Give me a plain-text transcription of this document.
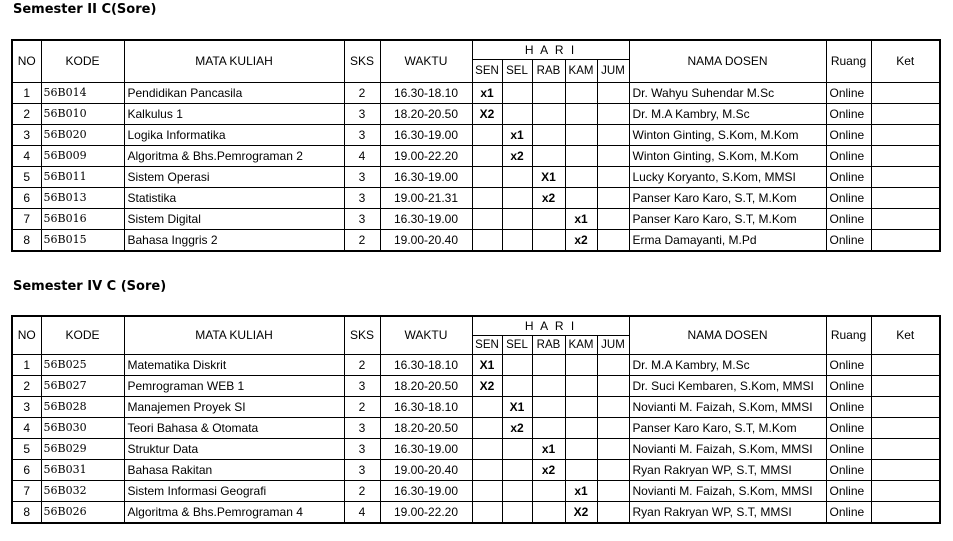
Semester II C(Sore)
NO	KODE	MATA KULIAH	SKS	WAKTU	H A R I					NAMA DOSEN	Ruang	Ket
					SEN	SEL	RAB	KAM	JUM			
1	56B014	Pendidikan Pancasila	2	16.30-18.10	x1					Dr. Wahyu Suhendar M.Sc	Online	
2	56B010	Kalkulus 1	3	18.20-20.50	X2					Dr. M.A Kambry, M.Sc	Online	
3	56B020	Logika Informatika	3	16.30-19.00		x1				Winton Ginting, S.Kom, M.Kom	Online	
4	56B009	Algoritma & Bhs.Pemrograman 2	4	19.00-22.20		x2				Winton Ginting, S.Kom, M.Kom	Online	
5	56B011	Sistem Operasi	3	16.30-19.00			X1			Lucky Koryanto, S.Kom, MMSI	Online	
6	56B013	Statistika	3	19.00-21.31			x2			Panser Karo Karo, S.T, M.Kom	Online	
7	56B016	Sistem Digital	3	16.30-19.00				x1		Panser Karo Karo, S.T, M.Kom	Online	
8	56B015	Bahasa Inggris 2	2	19.00-20.40				x2		Erma Damayanti, M.Pd	Online	
Semester IV C (Sore)
NO	KODE	MATA KULIAH	SKS	WAKTU	H A R I					NAMA DOSEN	Ruang	Ket
					SEN	SEL	RAB	KAM	JUM			
1	56B025	Matematika Diskrit	2	16.30-18.10	X1					Dr. M.A Kambry, M.Sc	Online	
2	56B027	Pemrograman WEB 1	3	18.20-20.50	X2					Dr. Suci Kembaren, S.Kom, MMSI	Online	
3	56B028	Manajemen Proyek SI	2	16.30-18.10		X1				Novianti M. Faizah, S.Kom, MMSI	Online	
4	56B030	Teori Bahasa & Otomata	3	18.20-20.50		x2				Panser Karo Karo, S.T, M.Kom	Online	
5	56B029	Struktur Data	3	16.30-19.00			x1			Novianti M. Faizah, S.Kom, MMSI	Online	
6	56B031	Bahasa Rakitan	3	19.00-20.40			x2			Ryan Rakryan WP, S.T, MMSI	Online	
7	56B032	Sistem Informasi Geografi	2	16.30-19.00				x1		Novianti M. Faizah, S.Kom, MMSI	Online	
8	56B026	Algoritma & Bhs.Pemrograman 4	4	19.00-22.20				X2		Ryan Rakryan WP, S.T, MMSI	Online	
